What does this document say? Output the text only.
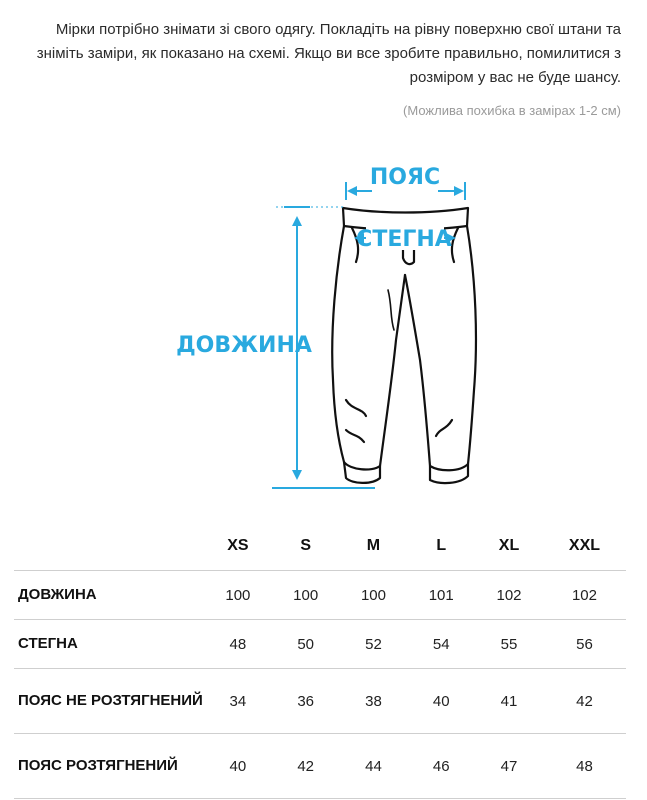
Мірки потрібно знімати зі свого одягу. Покладіть на рівну поверхню свої штани та зніміть заміри, як показано на схемі. Якщо ви все зробите правильно, помилитися з розміром у вас не буде шансу.
(Можлива похибка в замірах 1-2 см)
ПОЯС
СТЕГНА
ДОВЖИНА
	XS	S	M	L	XL	XXL
ДОВЖИНА	100	100	100	101	102	102
СТЕГНА	48	50	52	54	55	56
ПОЯС НЕ РОЗТЯГНЕНИЙ	34	36	38	40	41	42
ПОЯС РОЗТЯГНЕНИЙ	40	42	44	46	47	48
